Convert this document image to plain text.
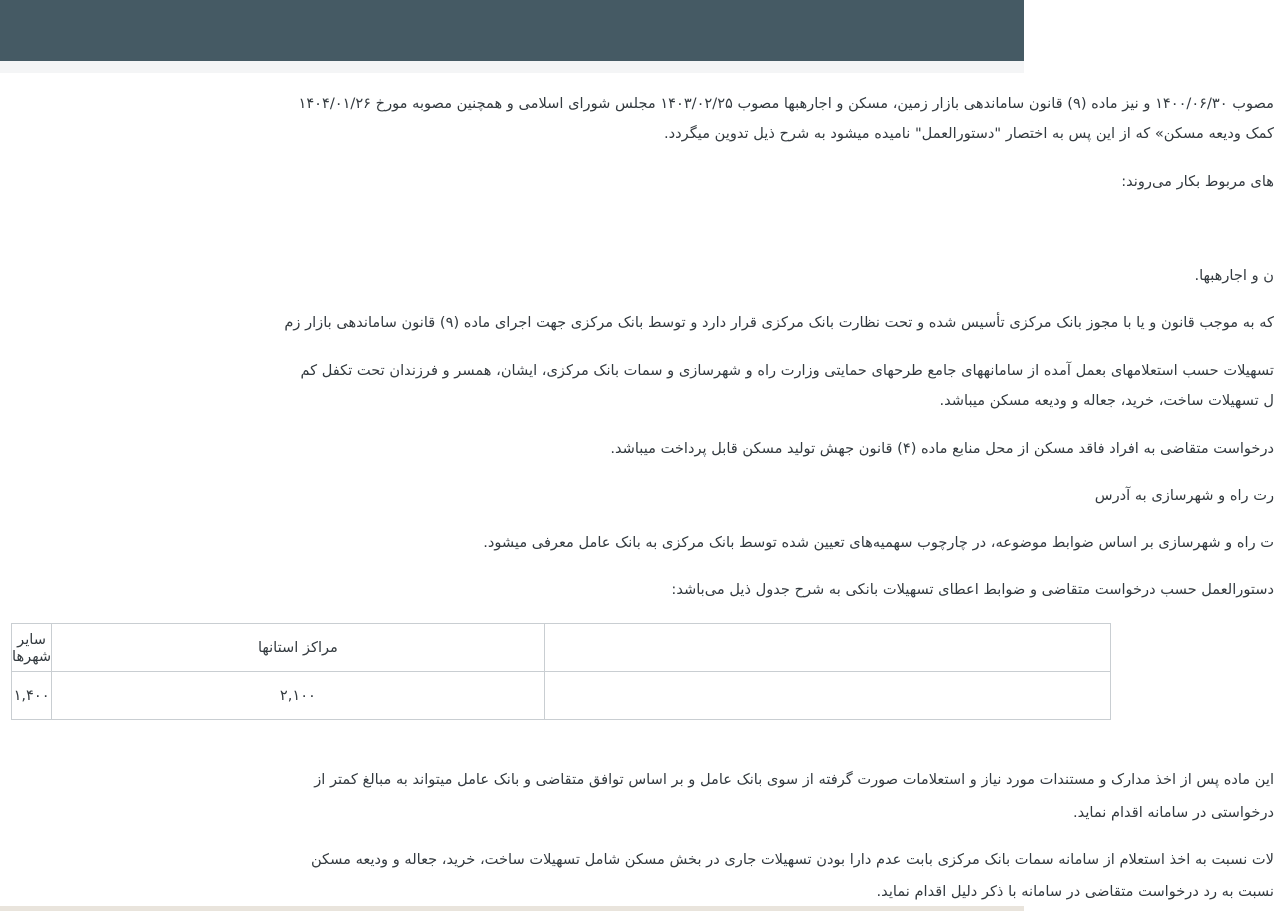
مصوب ۱۴۰۰/۰۶/۳۰ و نیز ماده (۹) قانون ساماندهی بازار زمین، مسکن و اجارهبها مصوب ۱۴۰۳/۰۲/۲۵ مجلس شورای اسلامی و همچنین مصوبه مورخ ۱۴۰۴/۰۱/۲۶
کمک ودیعه مسکن» که از این پس به اختصار "دستورالعمل" نامیده میشود به شرح ذیل تدوین میگردد.
های مربوط بکار می‌روند:
ن و اجارهبها.
که به موجب قانون و یا با مجوز بانک مرکزی تأسیس شده و تحت نظارت بانک مرکزی قرار دارد و توسط بانک مرکزی جهت اجرای ماده (۹) قانون ساماندهی بازار زم
تسهیلات حسب استعلامهای بعمل آمده از سامانههای جامع طرحهای حمایتی وزارت راه و شهرسازی و سمات بانک مرکزی، ایشان، همسر و فرزندان تحت تکفل کم
ل تسهیلات ساخت، خرید، جعاله و ودیعه مسکن میباشد.
درخواست متقاضی به افراد فاقد مسکن از محل منابع ماده (۴) قانون جهش تولید مسکن قابل پرداخت میباشد.
رت راه و شهرسازی به آدرس
ت راه و شهرسازی بر اساس ضوابط موضوعه، در چارچوب سهمیه‌های تعیین شده توسط بانک مرکزی به بانک عامل معرفی میشود.
دستورالعمل حسب درخواست متقاضی و ضوابط اعطای تسهیلات بانکی به شرح جدول ذیل می‌باشد:
	مراکز استانها	سایر شهرها
	۲,۱۰۰	۱,۴۰۰
این ماده پس از اخذ مدارک و مستندات مورد نیاز و استعلامات صورت گرفته از سوی بانک عامل و بر اساس توافق متقاضی و بانک عامل میتواند به مبالغ کمتر از
درخواستی در سامانه اقدام نماید.
لات نسبت به اخذ استعلام از سامانه سمات بانک مرکزی بابت عدم دارا بودن تسهیلات جاری در بخش مسکن شامل تسهیلات ساخت، خرید، جعاله و ودیعه مسکن
نسبت به رد درخواست متقاضی در سامانه با ذکر دلیل اقدام نماید.
